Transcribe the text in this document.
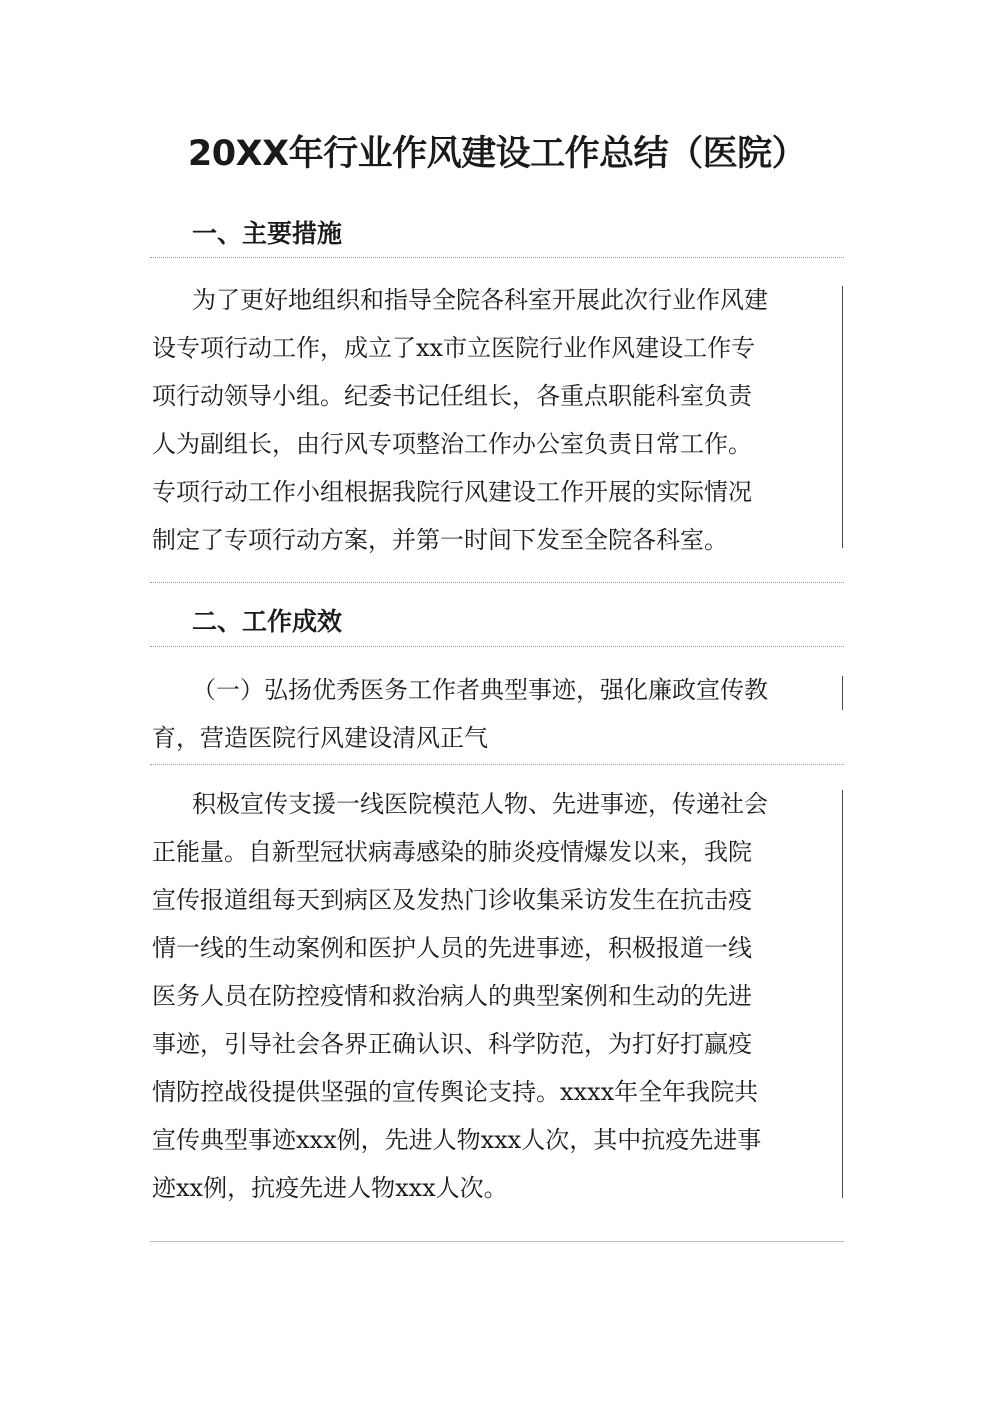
20XX年行业作风建设工作总结（医院）
一、主要措施
为了更好地组织和指导全院各科室开展此次行业作风建
设专项行动工作，成立了xx市立医院行业作风建设工作专
项行动领导小组。纪委书记任组长，各重点职能科室负责
人为副组长，由行风专项整治工作办公室负责日常工作。
专项行动工作小组根据我院行风建设工作开展的实际情况
制定了专项行动方案，并第一时间下发至全院各科室。
二、工作成效
（一）弘扬优秀医务工作者典型事迹，强化廉政宣传教
育，营造医院行风建设清风正气
积极宣传支援一线医院模范人物、先进事迹，传递社会
正能量。自新型冠状病毒感染的肺炎疫情爆发以来，我院
宣传报道组每天到病区及发热门诊收集采访发生在抗击疫
情一线的生动案例和医护人员的先进事迹，积极报道一线
医务人员在防控疫情和救治病人的典型案例和生动的先进
事迹，引导社会各界正确认识、科学防范，为打好打赢疫
情防控战役提供坚强的宣传舆论支持。xxxx年全年我院共
宣传典型事迹xxx例，先进人物xxx人次，其中抗疫先进事
迹xx例，抗疫先进人物xxx人次。
